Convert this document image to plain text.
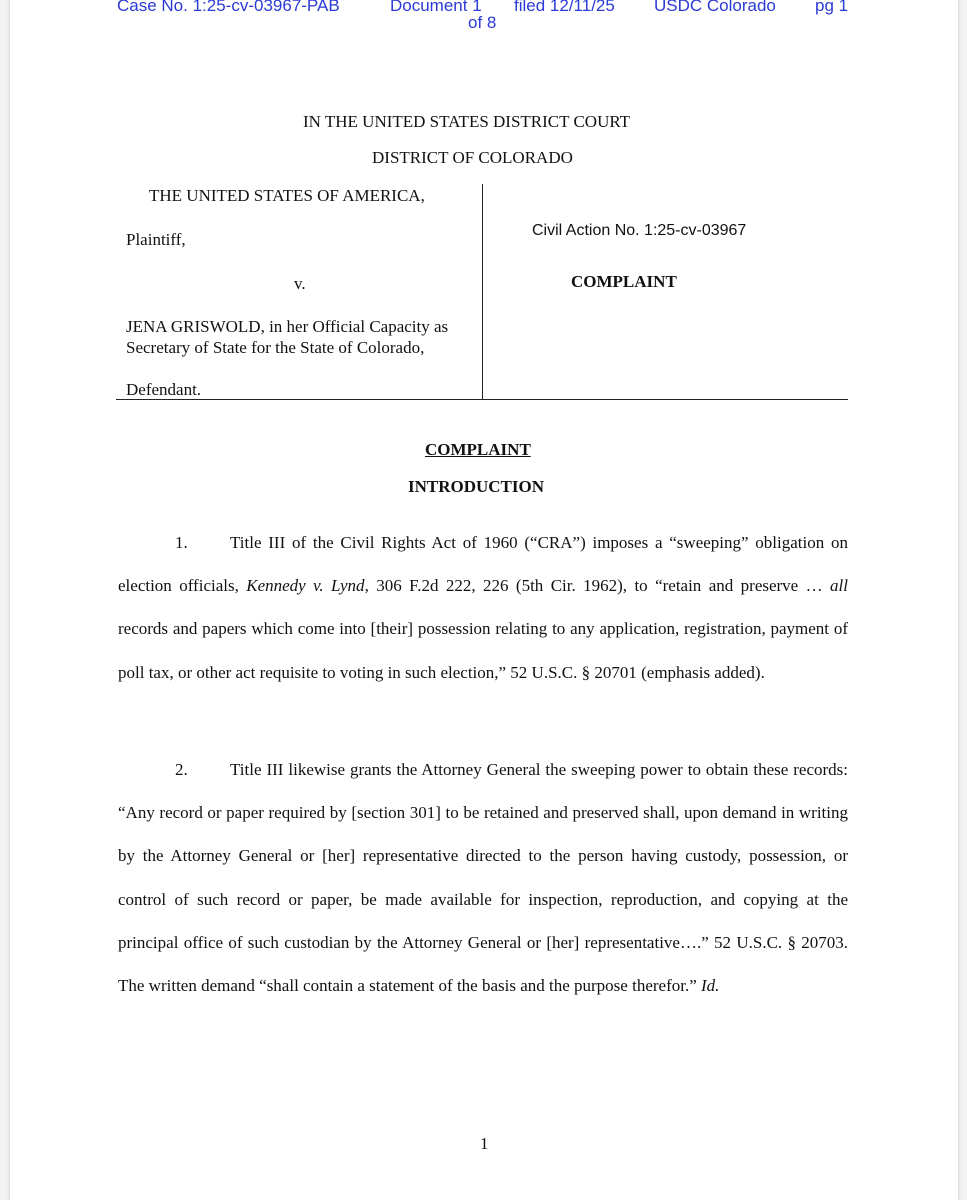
Case No. 1:25-cv-03967-PAB	Document 1
of 8
filed 12/11/25 USDC Colorado pg 1
IN THE UNITED STATES DISTRICT COURT
DISTRICT OF COLORADO
THE UNITED STATES OF AMERICA,
Plaintiff,
v.
JENA GRISWOLD, in her Official Capacity as
Secretary of State for the State of Colorado,
Defendant.
Civil Action No. 1:25-cv-03967
COMPLAINT
COMPLAINT
INTRODUCTION
1. Title III of the Civil Rights Act of 1960 (“CRA”) imposes a “sweeping” obligation on election officials, Kennedy v. Lynd, 306 F.2d 222, 226 (5th Cir. 1962), to “retain and preserve … all records and papers which come into [their] possession relating to any application, registration, payment of poll tax, or other act requisite to voting in such election,” 52 U.S.C. § 20701 (emphasis added).
2. Title III likewise grants the Attorney General the sweeping power to obtain these records: “Any record or paper required by [section 301] to be retained and preserved shall, upon demand in writing by the Attorney General or [her] representative directed to the person having custody, possession, or control of such record or paper, be made available for inspection, reproduction, and copying at the principal office of such custodian by the Attorney General or [her] representative….” 52 U.S.C. § 20703. The written demand “shall contain a statement of the basis and the purpose therefor.” Id.
1
